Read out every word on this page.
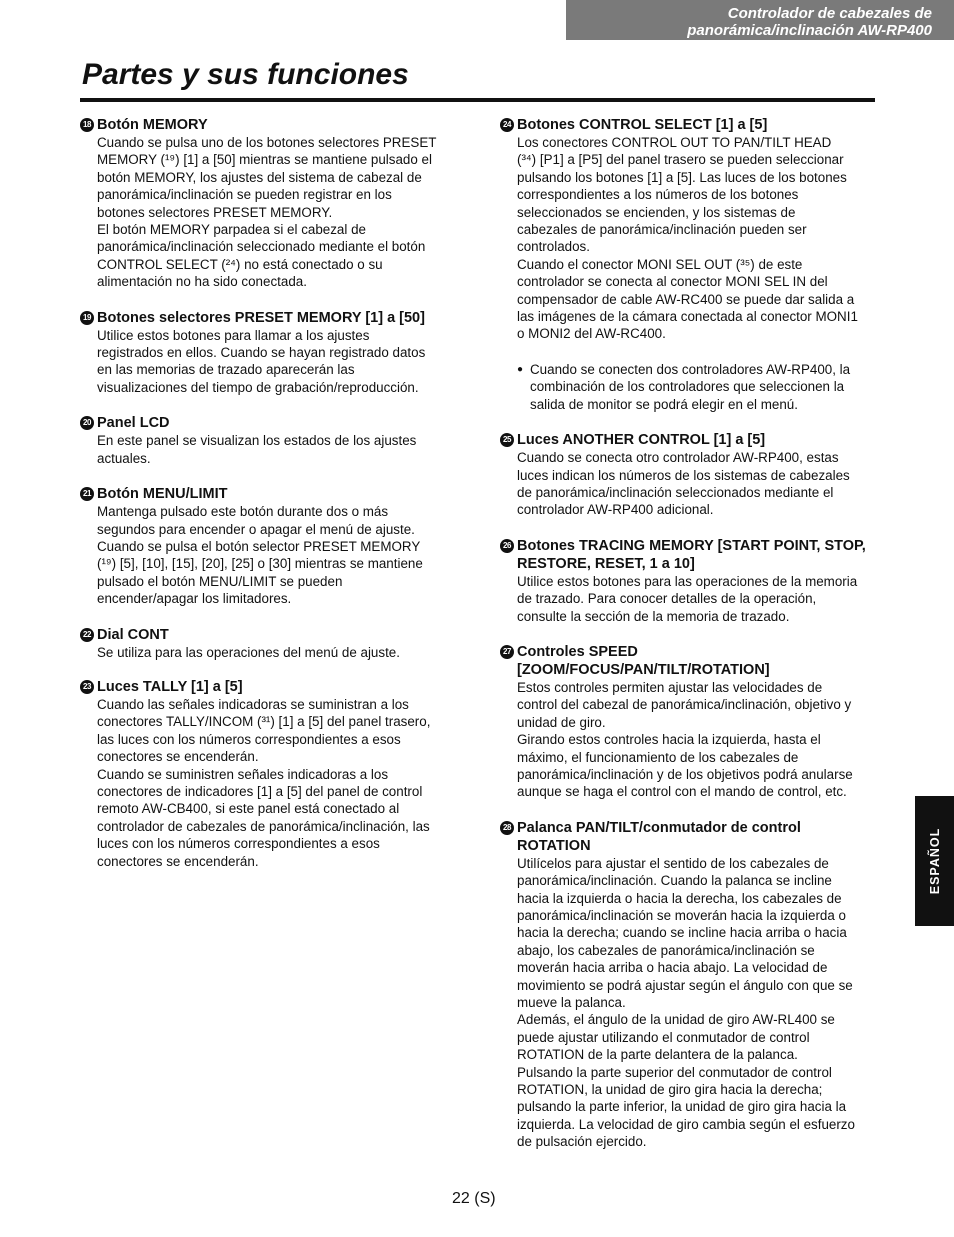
Controlador de cabezales de
panorámica/inclinación AW-RP400
Partes y sus funciones
18 Botón MEMORY
Cuando se pulsa uno de los botones selectores PRESET
MEMORY (¹⁹) [1] a [50] mientras se mantiene pulsado el
botón MEMORY, los ajustes del sistema de cabezal de
panorámica/inclinación se pueden registrar en los
botones selectores PRESET MEMORY.
El botón MEMORY parpadea si el cabezal de
panorámica/inclinación seleccionado mediante el botón
CONTROL SELECT (²⁴) no está conectado o su
alimentación no ha sido conectada.
19 Botones selectores PRESET MEMORY [1] a [50]
Utilice estos botones para llamar a los ajustes
registrados en ellos. Cuando se hayan registrado datos
en las memorias de trazado aparecerán las
visualizaciones del tiempo de grabación/reproducción.
20 Panel LCD
En este panel se visualizan los estados de los ajustes
actuales.
21 Botón MENU/LIMIT
Mantenga pulsado este botón durante dos o más
segundos para encender o apagar el menú de ajuste.
Cuando se pulsa el botón selector PRESET MEMORY
(¹⁹) [5], [10], [15], [20], [25] o [30] mientras se mantiene
pulsado el botón MENU/LIMIT se pueden
encender/apagar los limitadores.
22 Dial CONT
Se utiliza para las operaciones del menú de ajuste.
23 Luces TALLY [1] a [5]
Cuando las señales indicadoras se suministran a los
conectores TALLY/INCOM (³¹) [1] a [5] del panel trasero,
las luces con los números correspondientes a esos
conectores se encenderán.
Cuando se suministren señales indicadoras a los
conectores de indicadores [1] a [5] del panel de control
remoto AW-CB400, si este panel está conectado al
controlador de cabezales de panorámica/inclinación, las
luces con los números correspondientes a esos
conectores se encenderán.
24 Botones CONTROL SELECT [1] a [5]
Los conectores CONTROL OUT TO PAN/TILT HEAD
(³⁴) [P1] a [P5] del panel trasero se pueden seleccionar
pulsando los botones [1] a [5]. Las luces de los botones
correspondientes a los números de los botones
seleccionados se encienden, y los sistemas de
cabezales de panorámica/inclinación pueden ser
controlados.
Cuando el conector MONI SEL OUT (³⁵) de este
controlador se conecta al conector MONI SEL IN del
compensador de cable AW-RC400 se puede dar salida a
las imágenes de la cámara conectada al conector MONI1
o MONI2 del AW-RC400.
● Cuando se conecten dos controladores AW-RP400, la
combinación de los controladores que seleccionen la
salida de monitor se podrá elegir en el menú.
25 Luces ANOTHER CONTROL [1] a [5]
Cuando se conecta otro controlador AW-RP400, estas
luces indican los números de los sistemas de cabezales
de panorámica/inclinación seleccionados mediante el
controlador AW-RP400 adicional.
26 Botones TRACING MEMORY [START POINT, STOP, RESTORE, RESET, 1 a 10]
Utilice estos botones para las operaciones de la memoria
de trazado. Para conocer detalles de la operación,
consulte la sección de la memoria de trazado.
27 Controles SPEED [ZOOM/FOCUS/PAN/TILT/ROTATION]
Estos controles permiten ajustar las velocidades de
control del cabezal de panorámica/inclinación, objetivo y
unidad de giro.
Girando estos controles hacia la izquierda, hasta el
máximo, el funcionamiento de los cabezales de
panorámica/inclinación y de los objetivos podrá anularse
aunque se haga el control con el mando de control, etc.
28 Palanca PAN/TILT/conmutador de control ROTATION
Utilícelos para ajustar el sentido de los cabezales de
panorámica/inclinación. Cuando la palanca se incline
hacia la izquierda o hacia la derecha, los cabezales de
panorámica/inclinación se moverán hacia la izquierda o
hacia la derecha; cuando se incline hacia arriba o hacia
abajo, los cabezales de panorámica/inclinación se
moverán hacia arriba o hacia abajo. La velocidad de
movimiento se podrá ajustar según el ángulo con que se
mueve la palanca.
Además, el ángulo de la unidad de giro AW-RL400 se
puede ajustar utilizando el conmutador de control
ROTATION de la parte delantera de la palanca.
Pulsando la parte superior del conmutador de control
ROTATION, la unidad de giro gira hacia la derecha;
pulsando la parte inferior, la unidad de giro gira hacia la
izquierda. La velocidad de giro cambia según el esfuerzo
de pulsación ejercido.
ESPAÑOL
22 (S)
